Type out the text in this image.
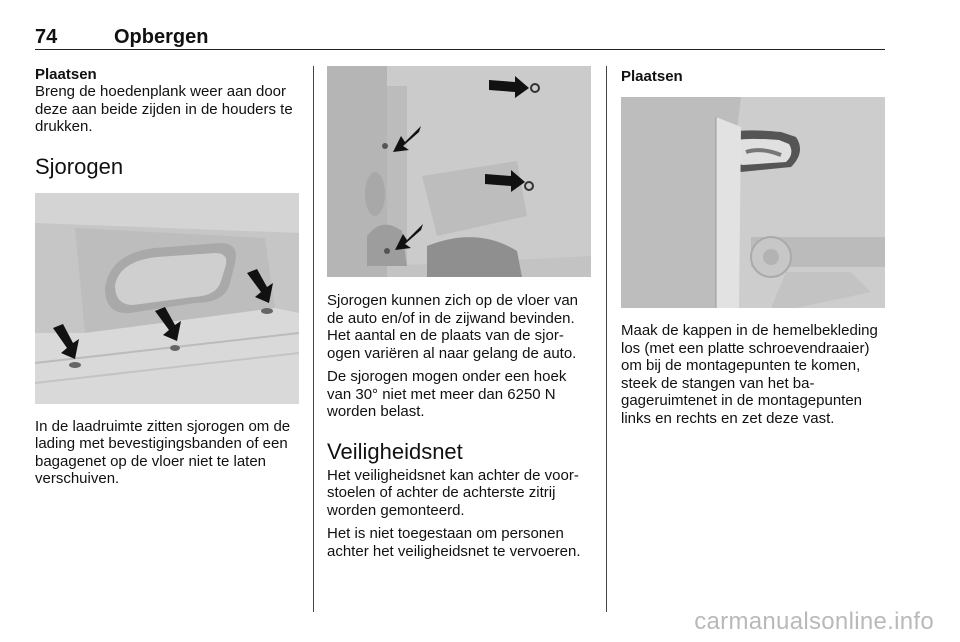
74	Opbergen

Plaatsen

Breng de hoedenplank weer aan door deze aan beide zijden in de houders te drukken.

Sjorogen

In de laadruimte zitten sjorogen om de lading met bevestigingsbanden of een bagagenet op de vloer niet te laten verschuiven.

Sjorogen kunnen zich op de vloer van de auto en/of in de zijwand bevinden. Het aantal en de plaats van de sjorogen variëren al naar gelang de auto.

De sjorogen mogen onder een hoek van 30° niet met meer dan 6250 N worden belast.

Veiligheidsnet

Het veiligheidsnet kan achter de voorstoelen of achter de achterste zitrij worden gemonteerd.

Het is niet toegestaan om personen achter het veiligheidsnet te vervoeren.

Plaatsen

Maak de kappen in de hemelbekleding los (met een platte schroevendraaier) om bij de montagepunten te komen, steek de stangen van het bagageruimtenet in de montagepunten links en rechts en zet deze vast.

carmanualsonline.info
